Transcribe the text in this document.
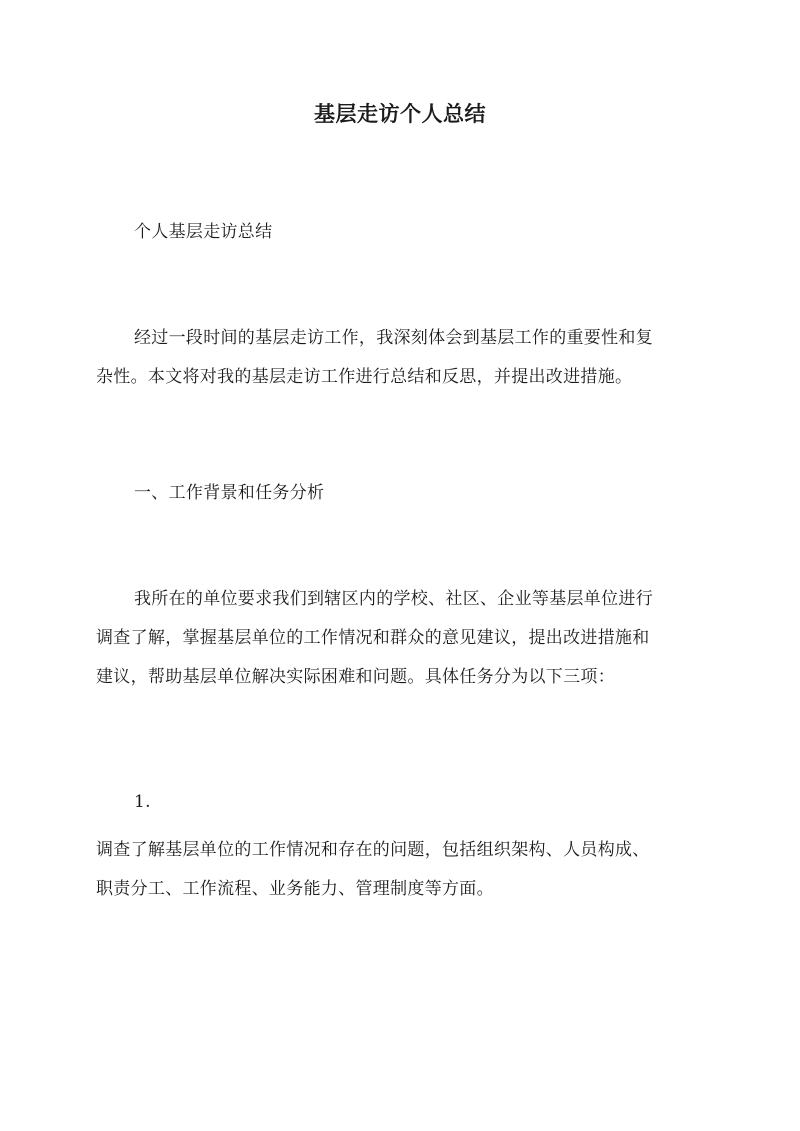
基层走访个人总结
个人基层走访总结
经过一段时间的基层走访工作，我深刻体会到基层工作的重要性和复
杂性。本文将对我的基层走访工作进行总结和反思，并提出改进措施。
一、工作背景和任务分析
我所在的单位要求我们到辖区内的学校、社区、企业等基层单位进行
调查了解，掌握基层单位的工作情况和群众的意见建议，提出改进措施和
建议，帮助基层单位解决实际困难和问题。具体任务分为以下三项：
1.
调查了解基层单位的工作情况和存在的问题，包括组织架构、人员构成、
职责分工、工作流程、业务能力、管理制度等方面。
